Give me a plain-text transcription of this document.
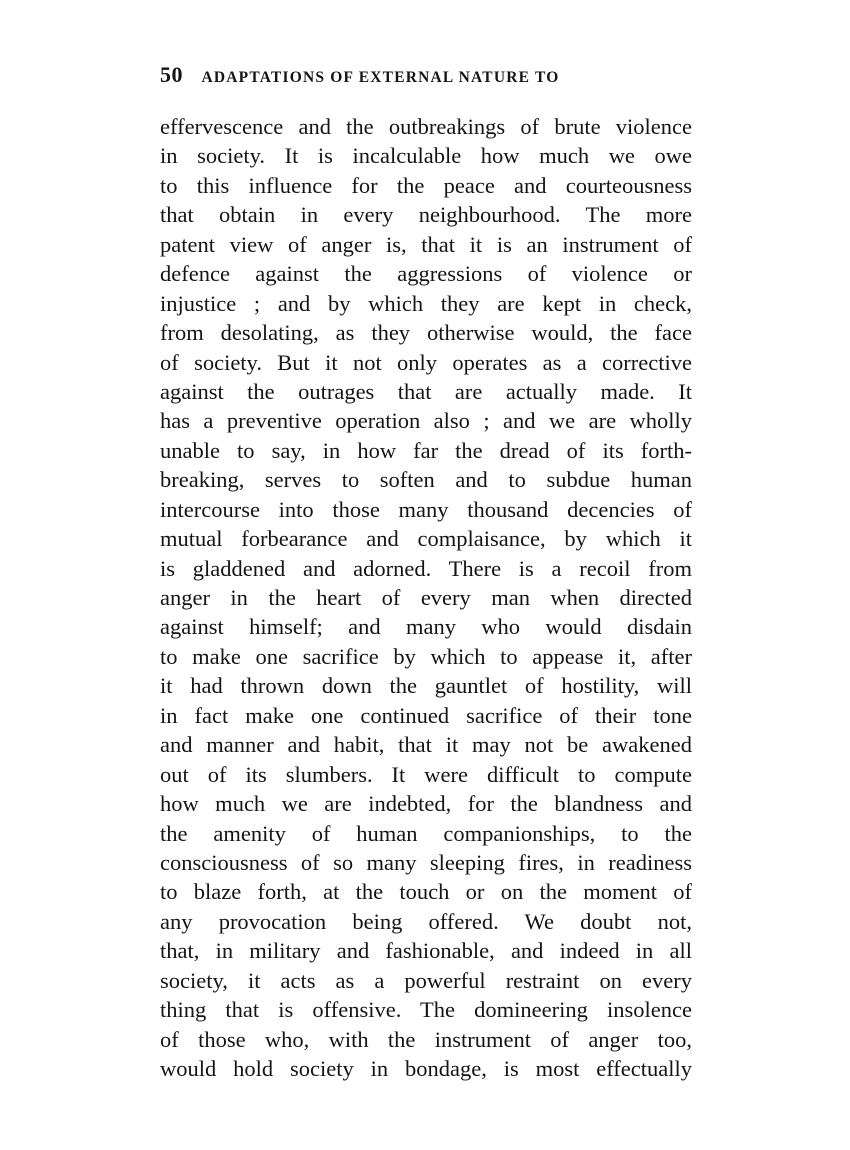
50 ADAPTATIONS OF EXTERNAL NATURE TO
effervescence and the outbreakings of brute violence
in society. It is incalculable how much we owe
to this influence for the peace and courteousness
that obtain in every neighbourhood. The more
patent view of anger is, that it is an instrument of
defence against the aggressions of violence or
injustice ; and by which they are kept in check,
from desolating, as they otherwise would, the face
of society. But it not only operates as a corrective
against the outrages that are actually made. It
has a preventive operation also ; and we are wholly
unable to say, in how far the dread of its forth-
breaking, serves to soften and to subdue human
intercourse into those many thousand decencies of
mutual forbearance and complaisance, by which it
is gladdened and adorned. There is a recoil from
anger in the heart of every man when directed
against himself; and many who would disdain
to make one sacrifice by which to appease it, after
it had thrown down the gauntlet of hostility, will
in fact make one continued sacrifice of their tone
and manner and habit, that it may not be awakened
out of its slumbers. It were difficult to compute
how much we are indebted, for the blandness and
the amenity of human companionships, to the
consciousness of so many sleeping fires, in readiness
to blaze forth, at the touch or on the moment of
any provocation being offered. We doubt not,
that, in military and fashionable, and indeed in all
society, it acts as a powerful restraint on every
thing that is offensive. The domineering insolence
of those who, with the instrument of anger too,
would hold society in bondage, is most effectually
